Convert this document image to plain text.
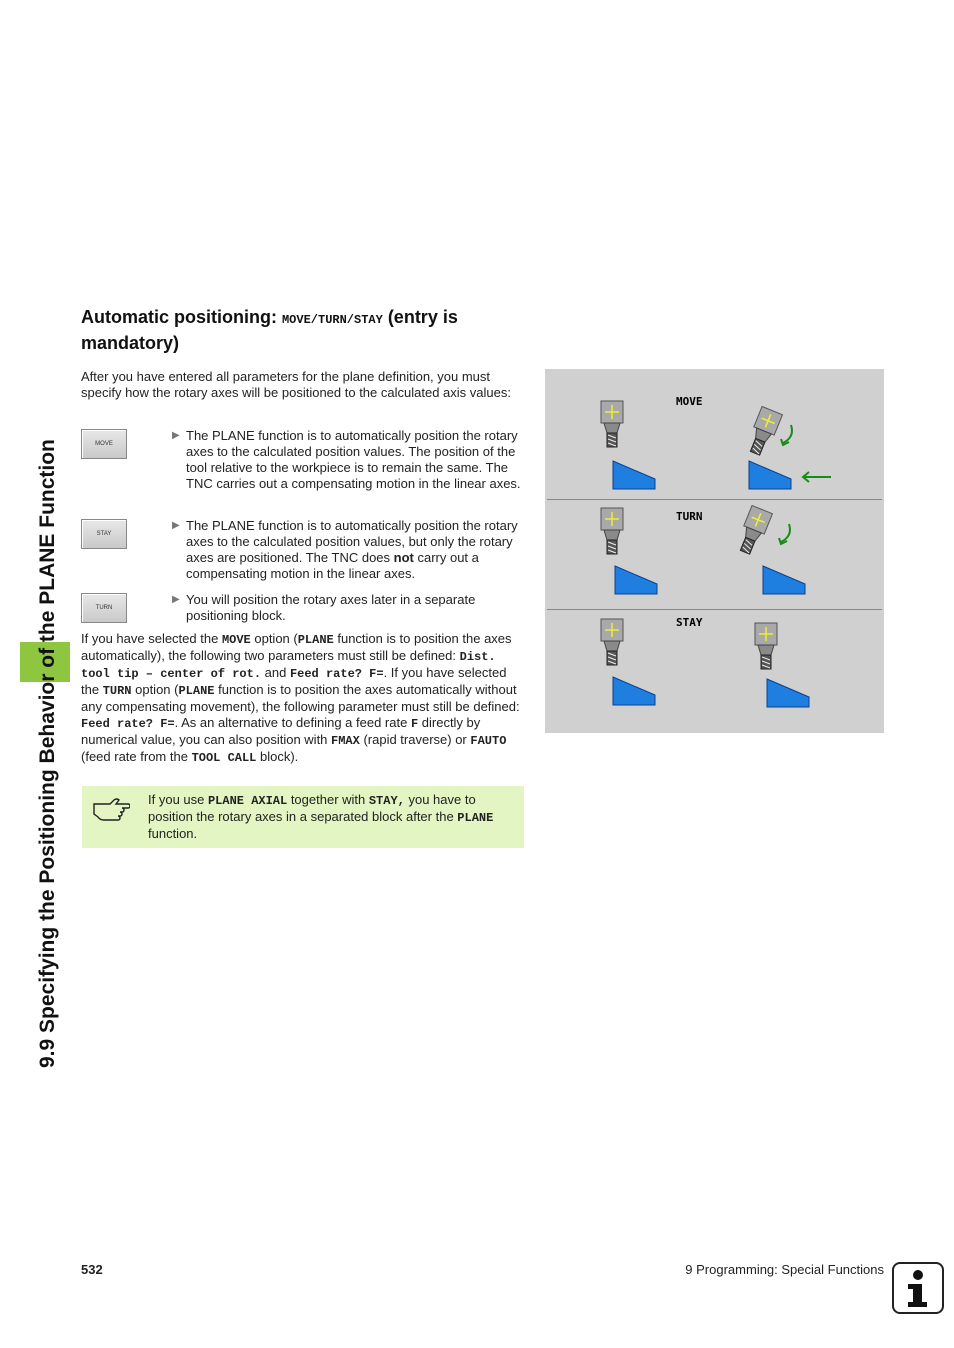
9.9 Specifying the Positioning Behavior of the PLANE Function
Automatic positioning: MOVE/TURN/STAY (entry is mandatory)

After you have entered all parameters for the plane definition, you must specify how the rotary axes will be positioned to the calculated axis values:

MOVE
▶ The PLANE function is to automatically position the rotary axes to the calculated position values. The position of the tool relative to the workpiece is to remain the same. The TNC carries out a compensating motion in the linear axes.
STAY
▶ The PLANE function is to automatically position the rotary axes to the calculated position values, but only the rotary axes are positioned. The TNC does not carry out a compensating motion in the linear axes.
TURN
▶ You will position the rotary axes later in a separate positioning block.

If you have selected the MOVE option (PLANE function is to position the axes automatically), the following two parameters must still be defined: Dist. tool tip – center of rot. and Feed rate? F=. If you have selected the TURN option (PLANE function is to position the axes automatically without any compensating movement), the following parameter must still be defined: Feed rate? F=. As an alternative to defining a feed rate F directly by numerical value, you can also position with FMAX (rapid traverse) or FAUTO (feed rate from the TOOL CALL block).

If you use PLANE AXIAL together with STAY, you have to position the rotary axes in a separated block after the PLANE function.

MOVE
TURN
STAY
532	9 Programming: Special Functions
